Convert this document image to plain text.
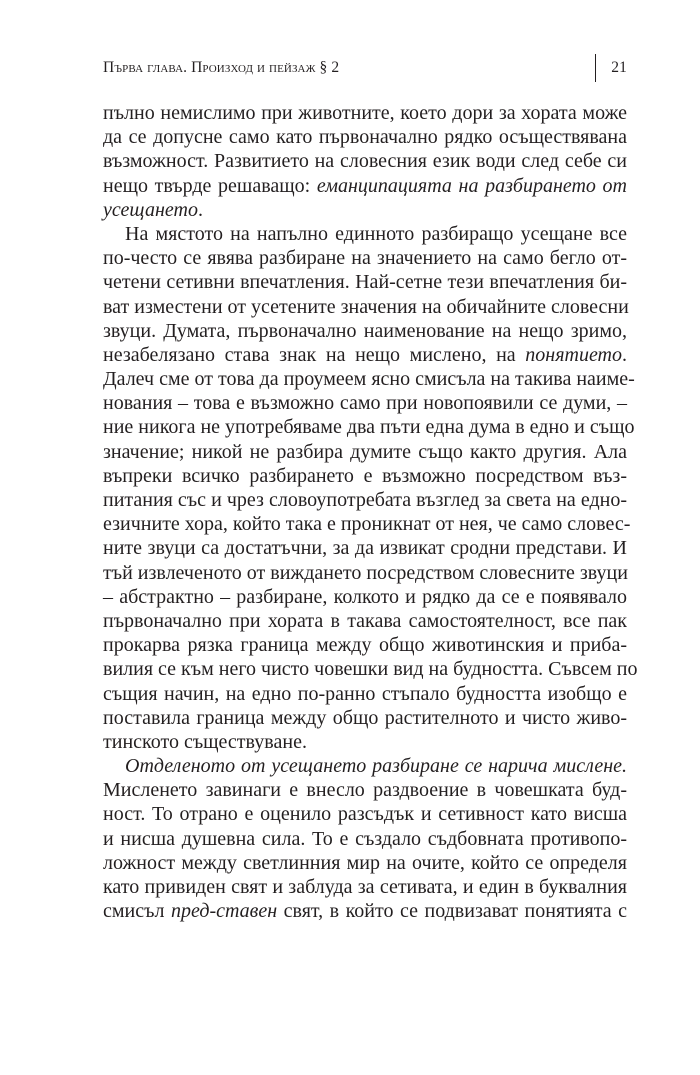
Първа глава. Произход и пейзаж § 2	21
пълно немислимо при животните, което дори за хората може
да се допусне само като първоначално рядко осъществявана
възможност. Развитието на словесния език води след себе си
нещо твърде решаващо: еманципацията на разбирането от
усещането.
На мястото на напълно единното разбиращо усещане все
по-често се явява разбиране на значението на само бегло от-
четени сетивни впечатления. Най-сетне тези впечатления би-
ват изместени от усетените значения на обичайните словесни
звуци. Думата, първоначално наименование на нещо зримо,
незабелязано става знак на нещо мислено, на понятието.
Далеч сме от това да проумеем ясно смисъла на такива наиме-
нования – това е възможно само при новопоявили се думи, –
ние никога не употребяваме два пъти една дума в едно и също
значение; никой не разбира думите също както другия. Ала
въпреки всичко разбирането е възможно посредством въз-
питания със и чрез словоупотребата възглед за света на едно-
езичните хора, който така е проникнат от нея, че само словес-
ните звуци са достатъчни, за да извикат сродни представи. И
тъй извлеченото от виждането посредством словесните звуци
– абстрактно – разбиране, колкото и рядко да се е появявало
първоначално при хората в такава самостоятелност, все пак
прокарва рязка граница между общо животинския и прибa-
вилия се към него чисто човешки вид на будността. Съвсем по
същия начин, на едно по-ранно стъпало будността изобщо е
поставила граница между общо растителното и чисто живо-
тинското съществуване.
Отделеното от усещането разбиране се нарича мислене.
Мисленето завинаги е внесло раздвоение в човешката буд-
ност. То отрано е оценило разсъдък и сетивност като висша
и нисша душевна сила. То е създало съдбовната противопо-
ложност между светлинния мир на очите, който се определя
като привиден свят и заблуда за сетивата, и един в буквалния
смисъл пред-ставен свят, в който се подвизават понятията с
